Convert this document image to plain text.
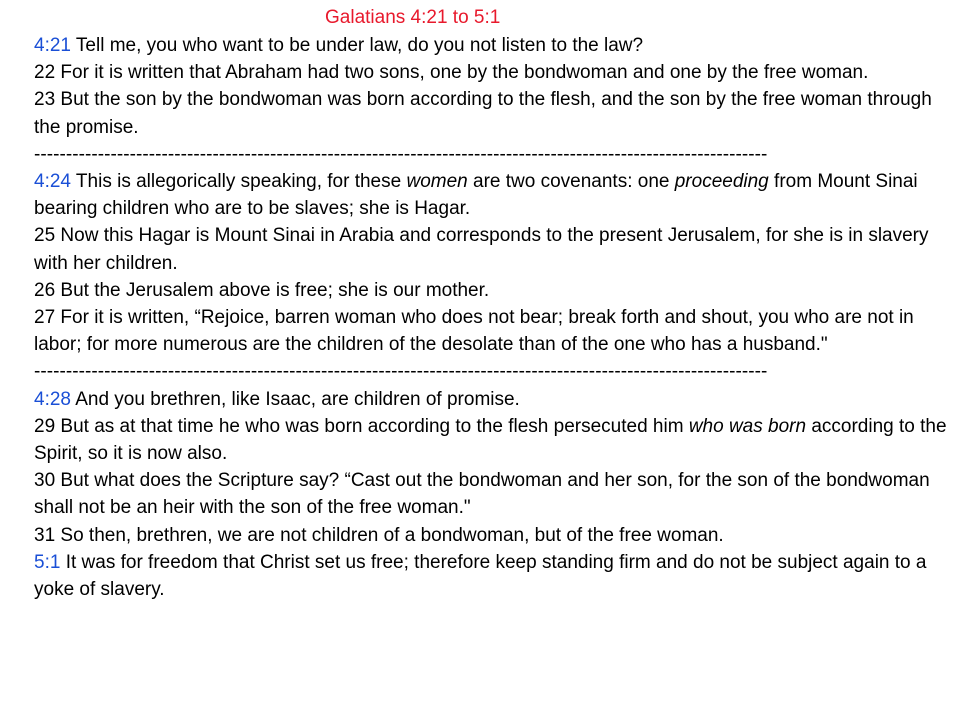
Galatians 4:21 to 5:1

4:21 Tell me, you who want to be under law, do you not listen to the law?

22 For it is written that Abraham had two sons, one by the bondwoman and one by the free woman.

23 But the son by the bondwoman was born according to the flesh, and the son by the free woman through the promise.

-------------------------------------------------------------------------------------------------------------------

4:24 This is allegorically speaking, for these women are two covenants: one proceeding from Mount Sinai bearing children who are to be slaves; she is Hagar.

25 Now this Hagar is Mount Sinai in Arabia and corresponds to the present Jerusalem, for she is in slavery with her children.

26 But the Jerusalem above is free; she is our mother.

27 For it is written, “Rejoice, barren woman who does not bear; break forth and shout, you who are not in labor; for more numerous are the children of the desolate than of the one who has a husband."

-------------------------------------------------------------------------------------------------------------------

4:28 And you brethren, like Isaac, are children of promise.

29 But as at that time he who was born according to the flesh persecuted him who was born according to the Spirit, so it is now also.

30 But what does the Scripture say? “Cast out the bondwoman and her son, for the son of the bondwoman shall not be an heir with the son of the free woman."

31 So then, brethren, we are not children of a bondwoman, but of the free woman.

5:1 It was for freedom that Christ set us free; therefore keep standing firm and do not be subject again to a yoke of slavery.
